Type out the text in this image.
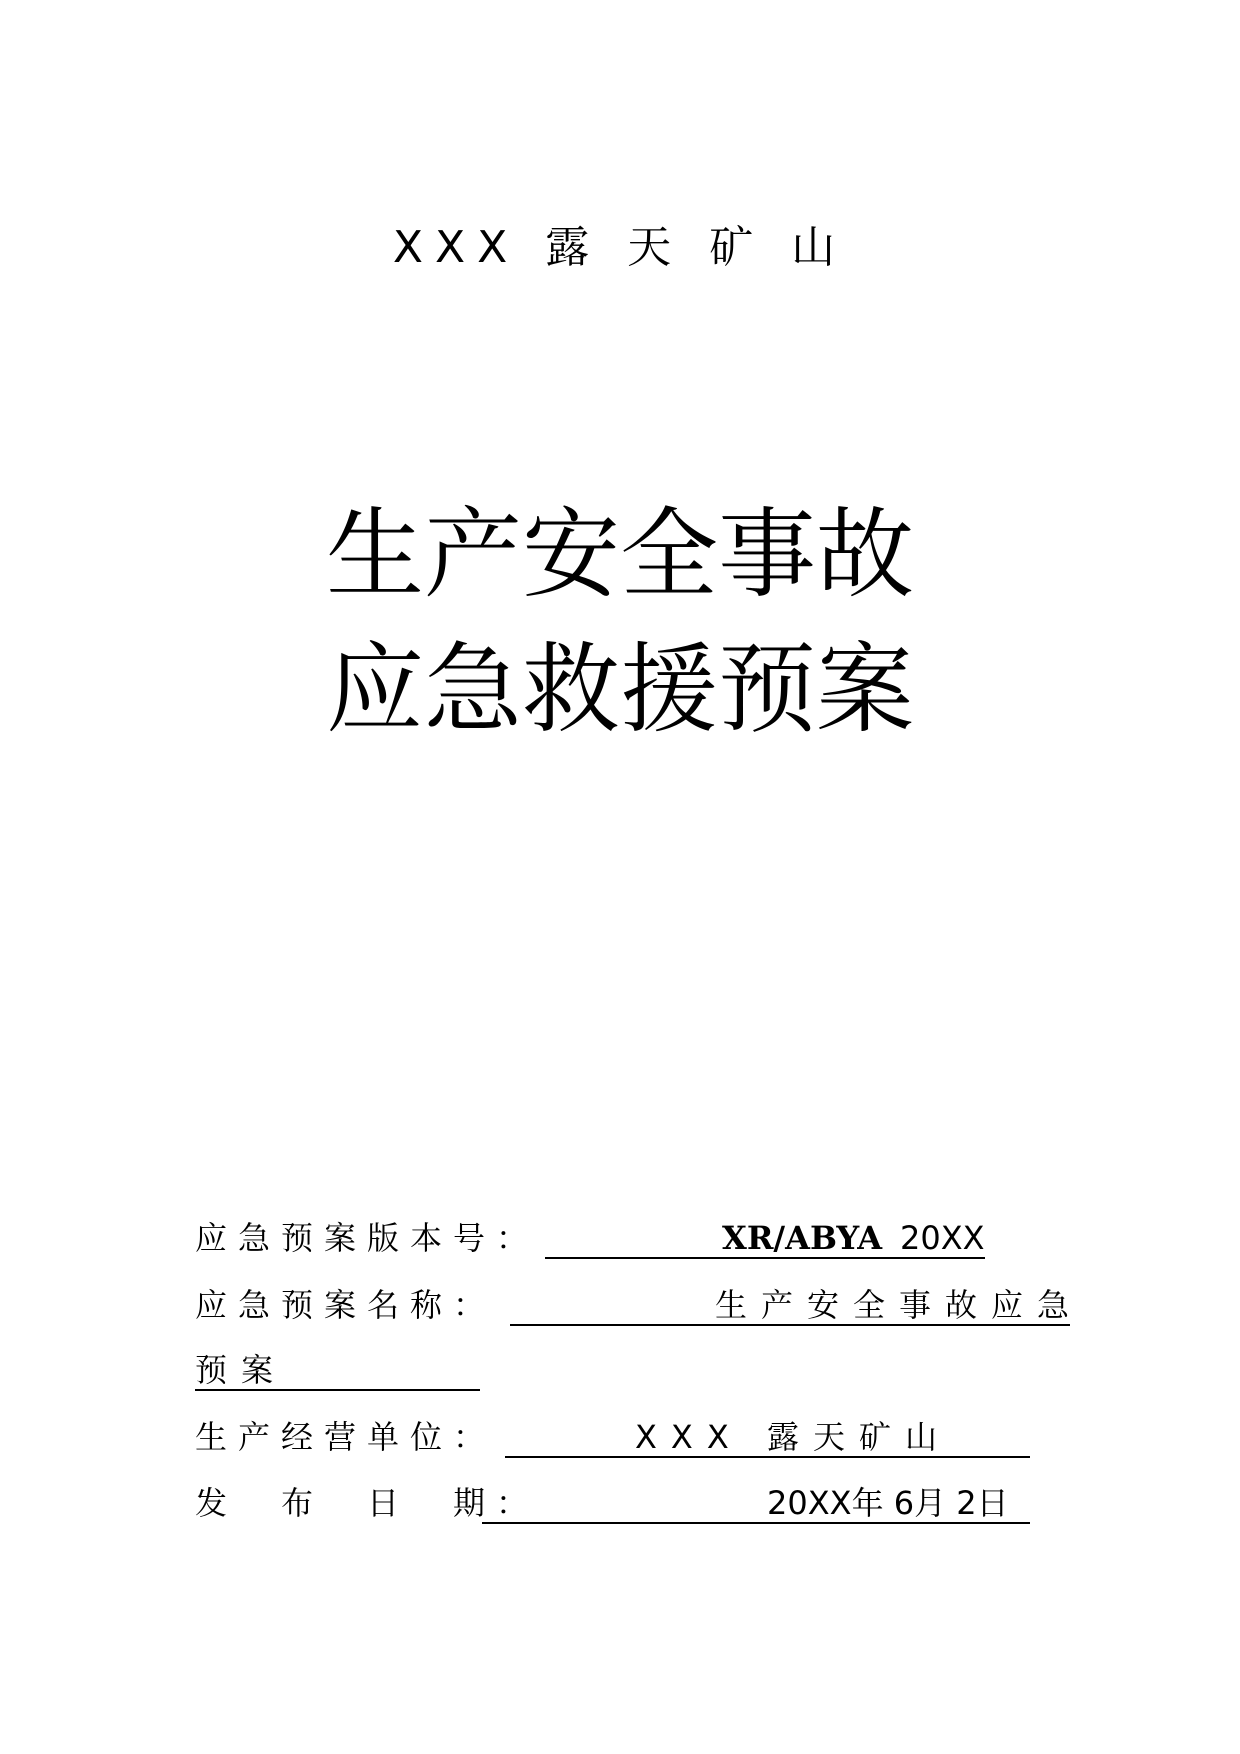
XXX 露 天 矿 山
生产安全事故
应急救援预案
应急预案版本号：	XR/ABYA 20XX
应急预案名称：	生产安全事故应急
预案
生产经营单位：	XXX 露天矿山
发　布　日　期：	20XX年 6月 2日
